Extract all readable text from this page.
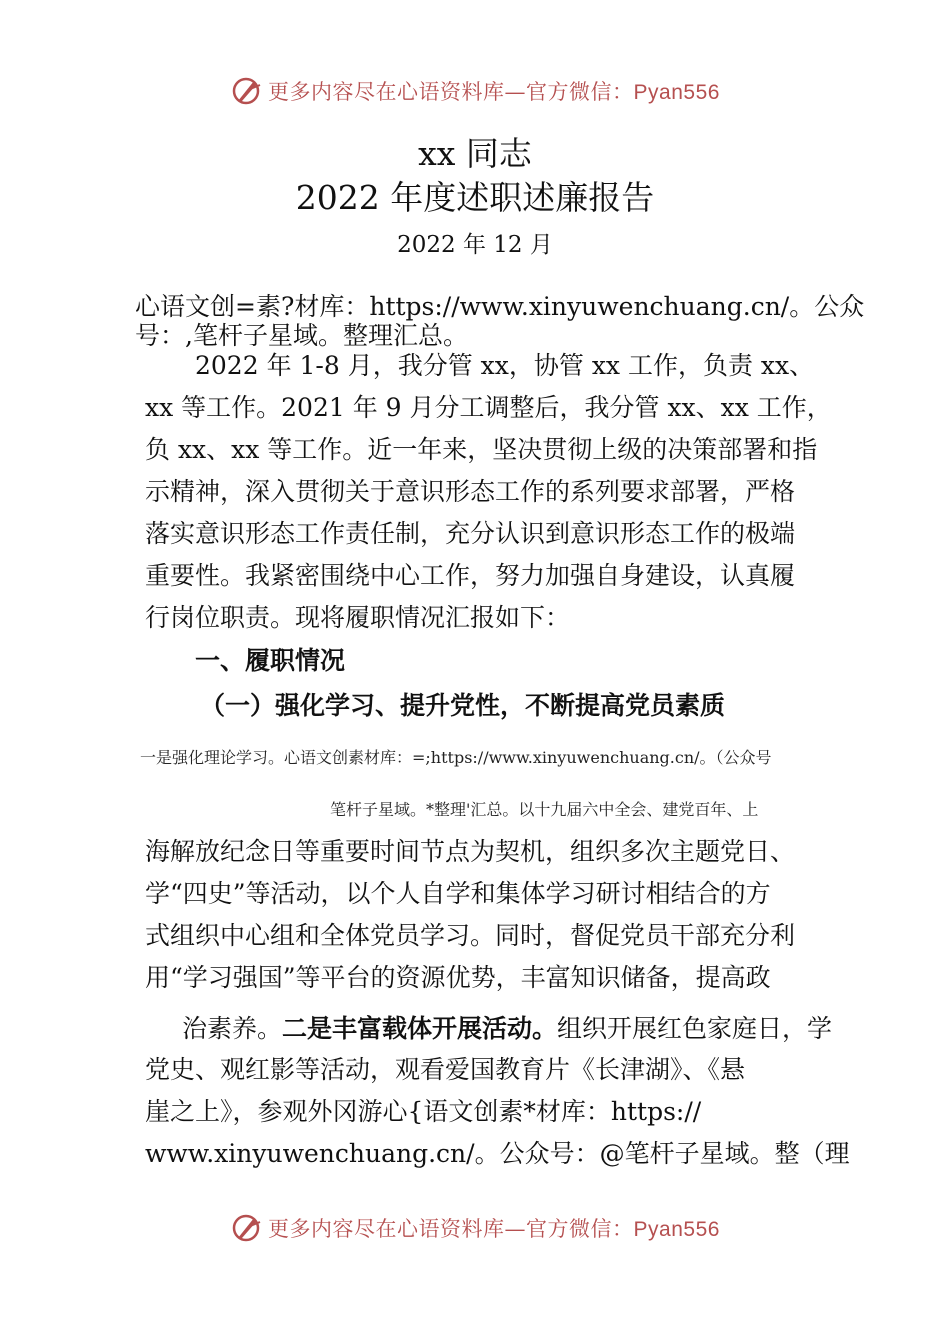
更多内容尽在心语资料库—官方微信：Pyan556
xx 同志
2022 年度述职述廉报告
2022 年 12 月
心语文创=素?材库：https://www.xinyuwenchuang.cn/。公众
号：,笔杆子星域。整理汇总。
2022 年 1-8 月，我分管 xx，协管 xx 工作，负责 xx、
xx 等工作。2021 年 9 月分工调整后，我分管 xx、xx 工作，
负 xx、xx 等工作。近一年来，坚决贯彻上级的决策部署和指
示精神，深入贯彻关于意识形态工作的系列要求部署，严格
落实意识形态工作责任制，充分认识到意识形态工作的极端
重要性。我紧密围绕中心工作，努力加强自身建设，认真履
行岗位职责。现将履职情况汇报如下：
一、履职情况
（一）强化学习、提升党性，不断提高党员素质
一是强化理论学习。心语文创素材库：=;https://www.xinyuwenchuang.cn/。（公众号
笔杆子星域。*整理'汇总。以十九届六中全会、建党百年、上
海解放纪念日等重要时间节点为契机，组织多次主题党日、
学“四史”等活动，以个人自学和集体学习研讨相结合的方
式组织中心组和全体党员学习。同时，督促党员干部充分利
用“学习强国”等平台的资源优势，丰富知识储备，提高政
治素养。二是丰富载体开展活动。组织开展红色家庭日，学
党史、观红影等活动，观看爱国教育片《长津湖》、《悬
崖之上》，参观外冈游心{语文创素*材库：https://
www.xinyuwenchuang.cn/。公众号：@笔杆子星域。整（理
更多内容尽在心语资料库—官方微信：Pyan556
